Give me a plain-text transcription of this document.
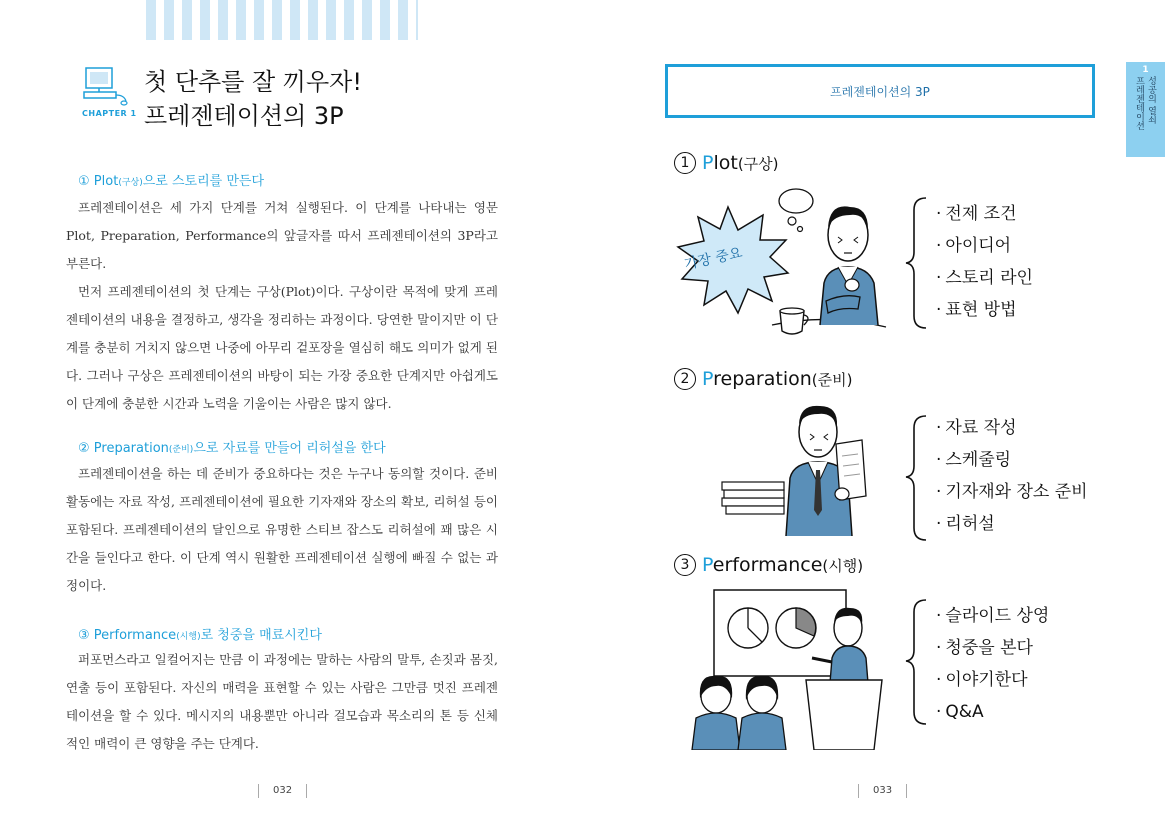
CHAPTER 1
첫 단추를 잘 끼우자!
프레젠테이션의 3P
① Plot(구상)으로 스토리를 만든다

프레젠테이션은 세 가지 단계를 거쳐 실행된다. 이 단계를 나타내는 영문 Plot, Preparation, Performance의 앞글자를 따서 프레젠테이션의 3P라고 부른다.

먼저 프레젠테이션의 첫 단계는 구상(Plot)이다. 구상이란 목적에 맞게 프레젠테이션의 내용을 결정하고, 생각을 정리하는 과정이다. 당연한 말이지만 이 단계를 충분히 거치지 않으면 나중에 아무리 겉포장을 열심히 해도 의미가 없게 된다. 그러나 구상은 프레젠테이션의 바탕이 되는 가장 중요한 단계지만 아쉽게도 이 단계에 충분한 시간과 노력을 기울이는 사람은 많지 않다.

② Preparation(준비)으로 자료를 만들어 리허설을 한다

프레젠테이션을 하는 데 준비가 중요하다는 것은 누구나 동의할 것이다. 준비 활동에는 자료 작성, 프레젠테이션에 필요한 기자재와 장소의 확보, 리허설 등이 포함된다. 프레젠테이션의 달인으로 유명한 스티브 잡스도 리허설에 꽤 많은 시간을 들인다고 한다. 이 단계 역시 원활한 프레젠테이션 실행에 빠질 수 없는 과정이다.

③ Performance(시행)로 청중을 매료시킨다

퍼포먼스라고 일컬어지는 만큼 이 과정에는 말하는 사람의 말투, 손짓과 몸짓, 연출 등이 포함된다. 자신의 매력을 표현할 수 있는 사람은 그만큼 멋진 프레젠테이션을 할 수 있다. 메시지의 내용뿐만 아니라 걸모습과 목소리의 톤 등 신체적인 매력이 큰 영향을 주는 단계다.

032
프레젠테이션의 3P
1
성공의 열쇠
프레젠테이션
1 Plot(구상)
가장 중요
· 전제 조건
· 아이디어
· 스토리 라인
· 표현 방법
2 Preparation(준비)
· 자료 작성
· 스케줄링
· 기자재와 장소 준비
· 리허설
3 Performance(시행)
· 슬라이드 상영
· 청중을 본다
· 이야기한다
· Q&A
033
